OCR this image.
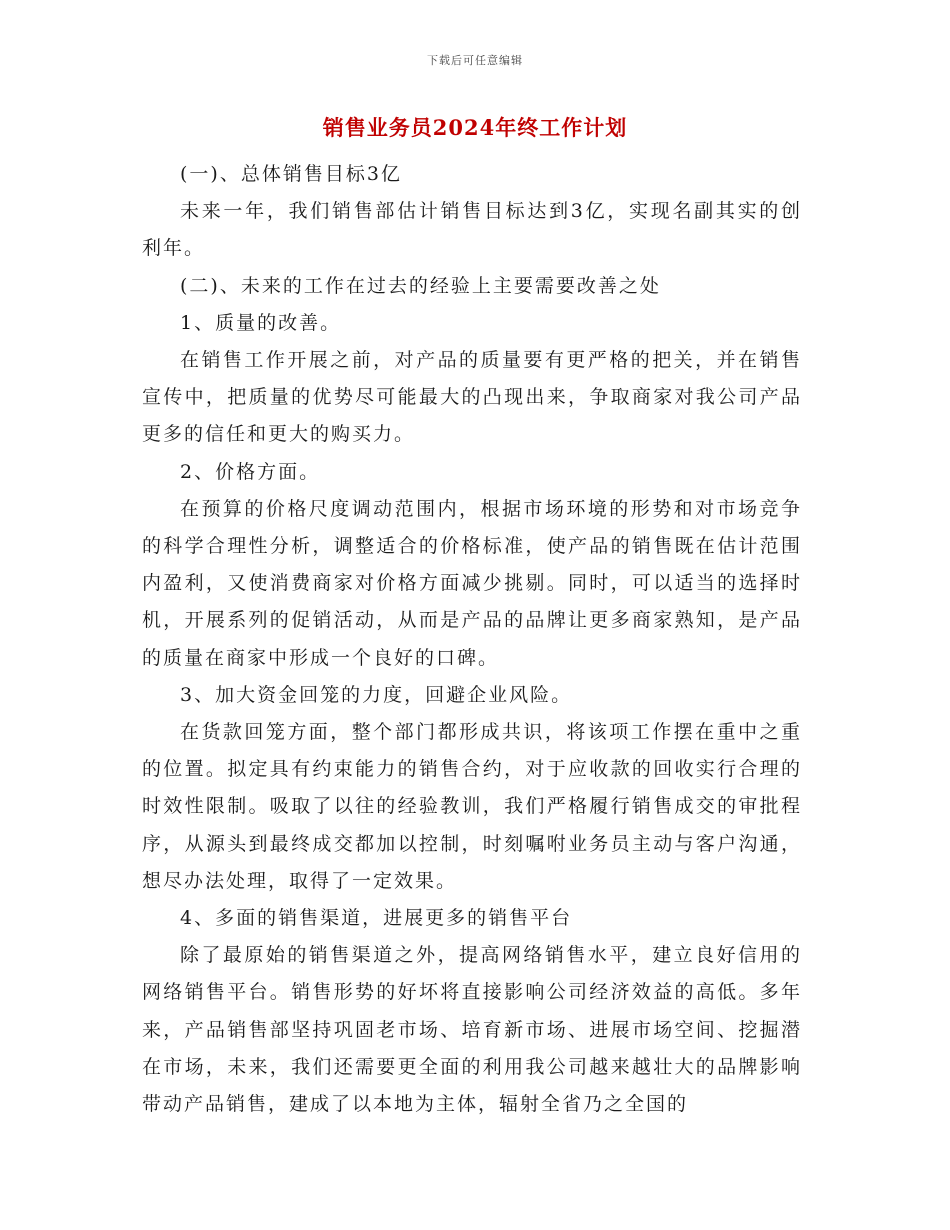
下载后可任意编辑
销售业务员2024年终工作计划

(一)、总体销售目标3亿

未来一年，我们销售部估计销售目标达到3亿，实现名副其实的创利年。

(二)、未来的工作在过去的经验上主要需要改善之处

1、质量的改善。

在销售工作开展之前，对产品的质量要有更严格的把关，并在销售宣传中，把质量的优势尽可能最大的凸现出来，争取商家对我公司产品更多的信任和更大的购买力。

2、价格方面。

在预算的价格尺度调动范围内，根据市场环境的形势和对市场竞争的科学合理性分析，调整适合的价格标准，使产品的销售既在估计范围内盈利，又使消费商家对价格方面减少挑剔。同时，可以适当的选择时机，开展系列的促销活动，从而是产品的品牌让更多商家熟知，是产品的质量在商家中形成一个良好的口碑。

3、加大资金回笼的力度，回避企业风险。

在货款回笼方面，整个部门都形成共识，将该项工作摆在重中之重的位置。拟定具有约束能力的销售合约，对于应收款的回收实行合理的时效性限制。吸取了以往的经验教训，我们严格履行销售成交的审批程序，从源头到最终成交都加以控制，时刻嘱咐业务员主动与客户沟通，想尽办法处理，取得了一定效果。

4、多面的销售渠道，进展更多的销售平台

除了最原始的销售渠道之外，提高网络销售水平，建立良好信用的网络销售平台。销售形势的好坏将直接影响公司经济效益的高低。多年来，产品销售部坚持巩固老市场、培育新市场、进展市场空间、挖掘潜在市场，未来，我们还需要更全面的利用我公司越来越壮大的品牌影响带动产品销售，建成了以本地为主体，辐射全省乃之全国的
